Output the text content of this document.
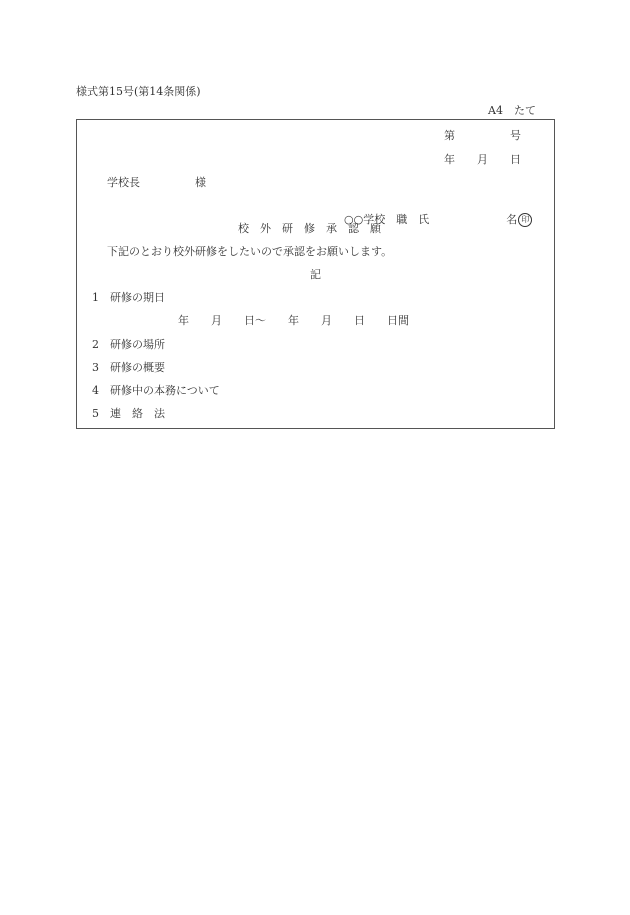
様式第15号(第14条関係)
A4　たて
第　　　　　号
年　　月　　日
学校長　　　　　様

○○学校　職　氏　　　　　　　名 印

校　外　研　修　承　認　願
下記のとおり校外研修をしたいので承認をお願いします。
記
1　研修の期日
年　　月　　日～　　年　　月　　日　　日間
2　研修の場所
3　研修の概要
4　研修中の本務について
5　連　絡　法
